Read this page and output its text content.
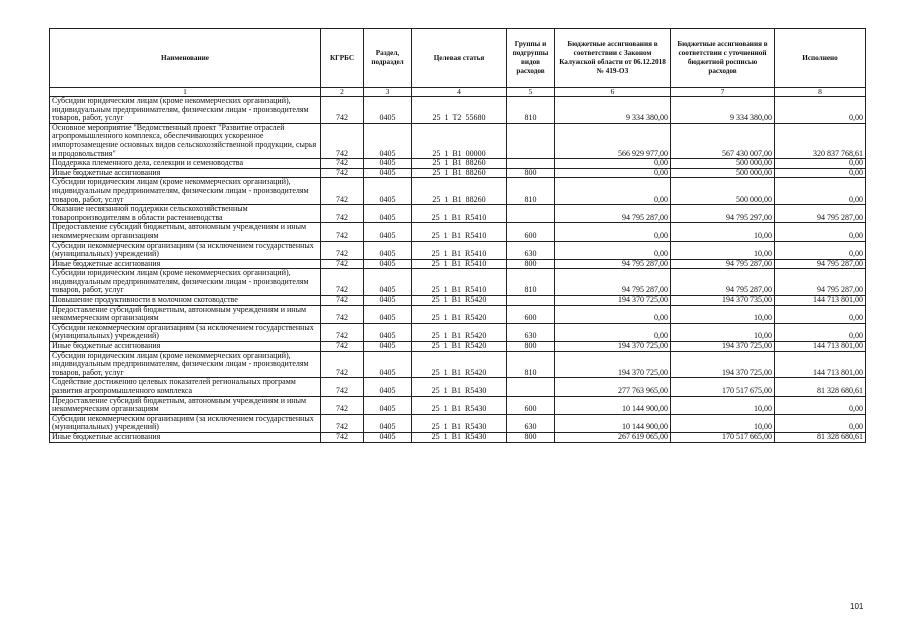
Наименование	КГРБС	Раздел, подраздел	Целевая статья	Группы и подгруппы видов расходов	Бюджетные ассигнования в соответствии с Законом Калужской области от 06.12.2018 № 419-ОЗ	Бюджетные ассигнования в соответствии с уточненной бюджетной росписью расходов	Исполнено
1	2	3	4	5	6	7	8
Субсидии юридическим лицам (кроме некоммерческих организаций), индивидуальным предпринимателям, физическим лицам - производителям товаров, работ, услуг	742	0405	25 1 Т2 55680	810	9 334 380,00	9 334 380,00	0,00
Основное мероприятие "Ведомственный проект "Развитие отраслей агропромышленного комплекса, обеспечивающих ускоренное импортозамещение основных видов сельскохозяйственной продукции, сырья и продовольствия"	742	0405	25 1 В1 00000		566 929 977,00	567 430 007,00	320 837 768,61
Поддержка племенного дела, селекции и семеноводства	742	0405	25 1 В1 88260		0,00	500 000,00	0,00
Иные бюджетные ассигнования	742	0405	25 1 В1 88260	800	0,00	500 000,00	0,00
Субсидии юридическим лицам (кроме некоммерческих организаций), индивидуальным предпринимателям, физическим лицам - производителям товаров, работ, услуг	742	0405	25 1 В1 88260	810	0,00	500 000,00	0,00
Оказание несвязанной поддержки сельскохозяйственным товаропроизводителям в области растениеводства	742	0405	25 1 В1 R5410		94 795 287,00	94 795 297,00	94 795 287,00
Предоставление субсидий бюджетным, автономным учреждениям и иным некоммерческим организациям	742	0405	25 1 В1 R5410	600	0,00	10,00	0,00
Субсидии некоммерческим организациям (за исключением государственных (муниципальных) учреждений)	742	0405	25 1 В1 R5410	630	0,00	10,00	0,00
Иные бюджетные ассигнования	742	0405	25 1 В1 R5410	800	94 795 287,00	94 795 287,00	94 795 287,00
Субсидии юридическим лицам (кроме некоммерческих организаций), индивидуальным предпринимателям, физическим лицам - производителям товаров, работ, услуг	742	0405	25 1 В1 R5410	810	94 795 287,00	94 795 287,00	94 795 287,00
Повышение продуктивности в молочном скотоводстве	742	0405	25 1 В1 R5420		194 370 725,00	194 370 735,00	144 713 801,00
Предоставление субсидий бюджетным, автономным учреждениям и иным некоммерческим организациям	742	0405	25 1 В1 R5420	600	0,00	10,00	0,00
Субсидии некоммерческим организациям (за исключением государственных (муниципальных) учреждений)	742	0405	25 1 В1 R5420	630	0,00	10,00	0,00
Иные бюджетные ассигнования	742	0405	25 1 В1 R5420	800	194 370 725,00	194 370 725,00	144 713 801,00
Субсидии юридическим лицам (кроме некоммерческих организаций), индивидуальным предпринимателям, физическим лицам - производителям товаров, работ, услуг	742	0405	25 1 В1 R5420	810	194 370 725,00	194 370 725,00	144 713 801,00
Содействие достижению целевых показателей региональных программ развития агропромышленного комплекса	742	0405	25 1 В1 R5430		277 763 965,00	170 517 675,00	81 328 680,61
Предоставление субсидий бюджетным, автономным учреждениям и иным некоммерческим организациям	742	0405	25 1 В1 R5430	600	10 144 900,00	10,00	0,00
Субсидии некоммерческим организациям (за исключением государственных (муниципальных) учреждений)	742	0405	25 1 В1 R5430	630	10 144 900,00	10,00	0,00
Иные бюджетные ассигнования	742	0405	25 1 В1 R5430	800	267 619 065,00	170 517 665,00	81 328 680,61
101
